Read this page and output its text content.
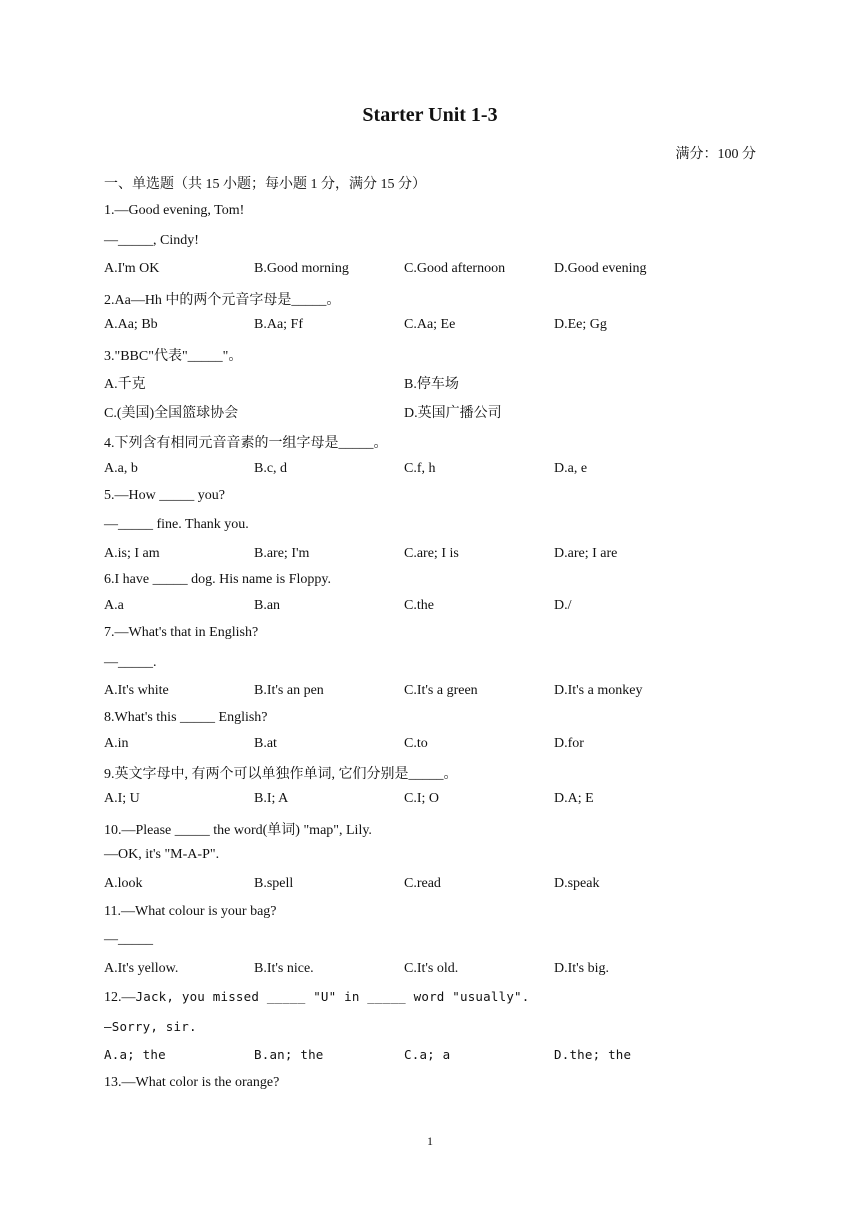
Starter Unit 1-3
满分：100 分
一、单选题（共 15 小题；每小题 1 分，满分 15 分）
1.—Good evening, Tom!
—_____, Cindy!
A.I'm OK	B.Good morning	C.Good afternoon	D.Good evening
2.Aa—Hh 中的两个元音字母是_____。
A.Aa; Bb	B.Aa; Ff	C.Aa; Ee	D.Ee; Gg
3."BBC"代表"_____"。
A.千克	B.停车场
C.(美国)全国篮球协会	D.英国广播公司
4.下列含有相同元音音素的一组字母是_____。
A.a, b	B.c, d	C.f, h	D.a, e
5.—How _____ you?
—_____ fine. Thank you.
A.is; I am	B.are; I'm	C.are; I is	D.are; I are
6.I have _____ dog. His name is Floppy.
A.a	B.an	C.the	D./
7.—What's that in English?
—_____.
A.It's white	B.It's an pen	C.It's a green	D.It's a monkey
8.What's this _____ English?
A.in	B.at	C.to	D.for
9.英文字母中, 有两个可以单独作单词, 它们分别是_____。
A.I; U	B.I; A	C.I; O	D.A; E
10.—Please _____ the word(单词) "map", Lily.
—OK, it's "M-A-P".
A.look	B.spell	C.read	D.speak
11.—What colour is your bag?
—_____
A.It's yellow.	B.It's nice.	C.It's old.	D.It's big.
12.—Jack, you missed _____ "U" in _____ word "usually".
—Sorry, sir.
A.a; the	B.an; the	C.a; a	D.the; the
13.—What color is the orange?
1
